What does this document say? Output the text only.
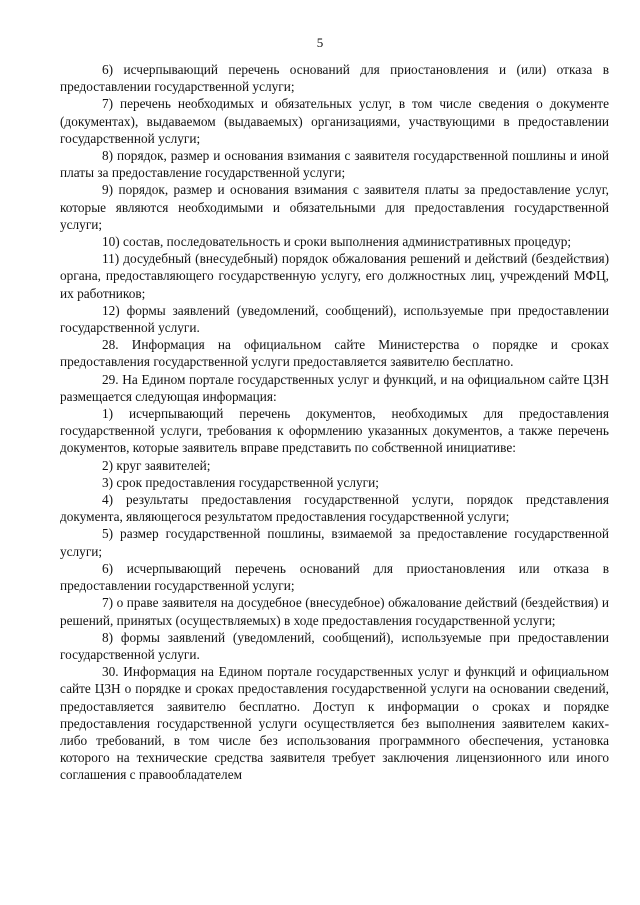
5

6) исчерпывающий перечень оснований для приостановления и (или) отказа в предоставлении государственной услуги;

7) перечень необходимых и обязательных услуг, в том числе сведения о документе (документах), выдаваемом (выдаваемых) организациями, участвующими в предоставлении государственной услуги;

8) порядок, размер и основания взимания с заявителя государственной пошлины и иной платы за предоставление государственной услуги;

9) порядок, размер и основания взимания с заявителя платы за предоставление услуг, которые являются необходимыми и обязательными для предоставления государственной услуги;

10) состав, последовательность и сроки выполнения административных процедур;

11) досудебный (внесудебный) порядок обжалования решений и действий (бездействия) органа, предоставляющего государственную услугу, его должностных лиц, учреждений МФЦ, их работников;

12) формы заявлений (уведомлений, сообщений), используемые при предоставлении государственной услуги.

28. Информация на официальном сайте Министерства о порядке и сроках предоставления государственной услуги предоставляется заявителю бесплатно.

29. На Едином портале государственных услуг и функций, и на официальном сайте ЦЗН размещается следующая информация:

1) исчерпывающий перечень документов, необходимых для предоставления государственной услуги, требования к оформлению указанных документов, а также перечень документов, которые заявитель вправе представить по собственной инициативе:

2) круг заявителей;

3) срок предоставления государственной услуги;

4) результаты предоставления государственной услуги, порядок представления документа, являющегося результатом предоставления государственной услуги;

5) размер государственной пошлины, взимаемой за предоставление государственной услуги;

6) исчерпывающий перечень оснований для приостановления или отказа в предоставлении государственной услуги;

7) о праве заявителя на досудебное (внесудебное) обжалование действий (бездействия) и решений, принятых (осуществляемых) в ходе предоставления государственной услуги;

8) формы заявлений (уведомлений, сообщений), используемые при предоставлении государственной услуги.

30. Информация на Едином портале государственных услуг и функций и официальном сайте ЦЗН о порядке и сроках предоставления государственной услуги на основании сведений, предоставляется заявителю бесплатно. Доступ к информации о сроках и порядке предоставления государственной услуги осуществляется без выполнения заявителем каких-либо требований, в том числе без использования программного обеспечения, установка которого на технические средства заявителя требует заключения лицензионного или иного соглашения с правообладателем
